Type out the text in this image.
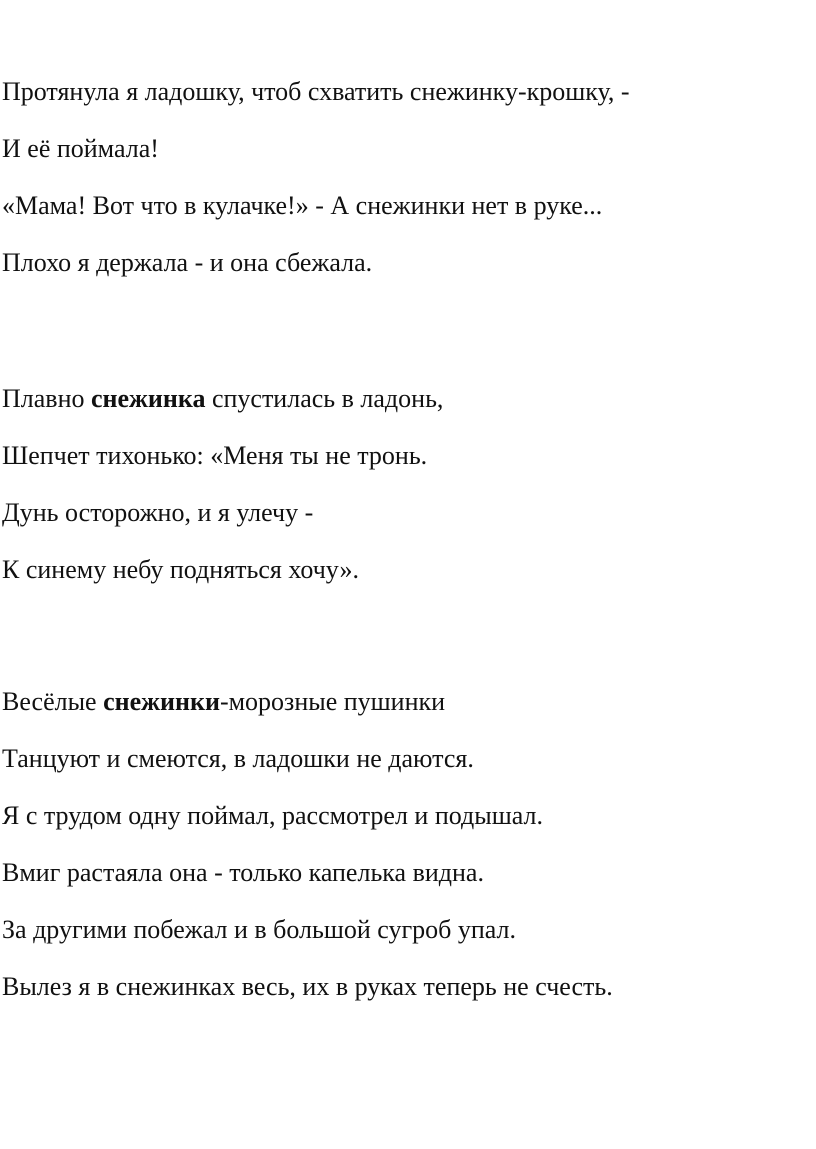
Протянула я ладошку, чтоб схватить снежинку-крошку, -
И её поймала!
«Мама! Вот что в кулачке!» - А снежинки нет в руке...
Плохо я держала - и она сбежала.
Плавно снежинка спустилась в ладонь,
Шепчет тихонько: «Меня ты не тронь.
Дунь осторожно, и я улечу -
К синему небу подняться хочу».
Весёлые снежинки-морозные пушинки
Танцуют и смеются, в ладошки не даются.
Я с трудом одну поймал, рассмотрел и подышал.
Вмиг растаяла она - только капелька видна.
За другими побежал и в большой сугроб упал.
Вылез я в снежинках весь, их в руках теперь не счесть.
